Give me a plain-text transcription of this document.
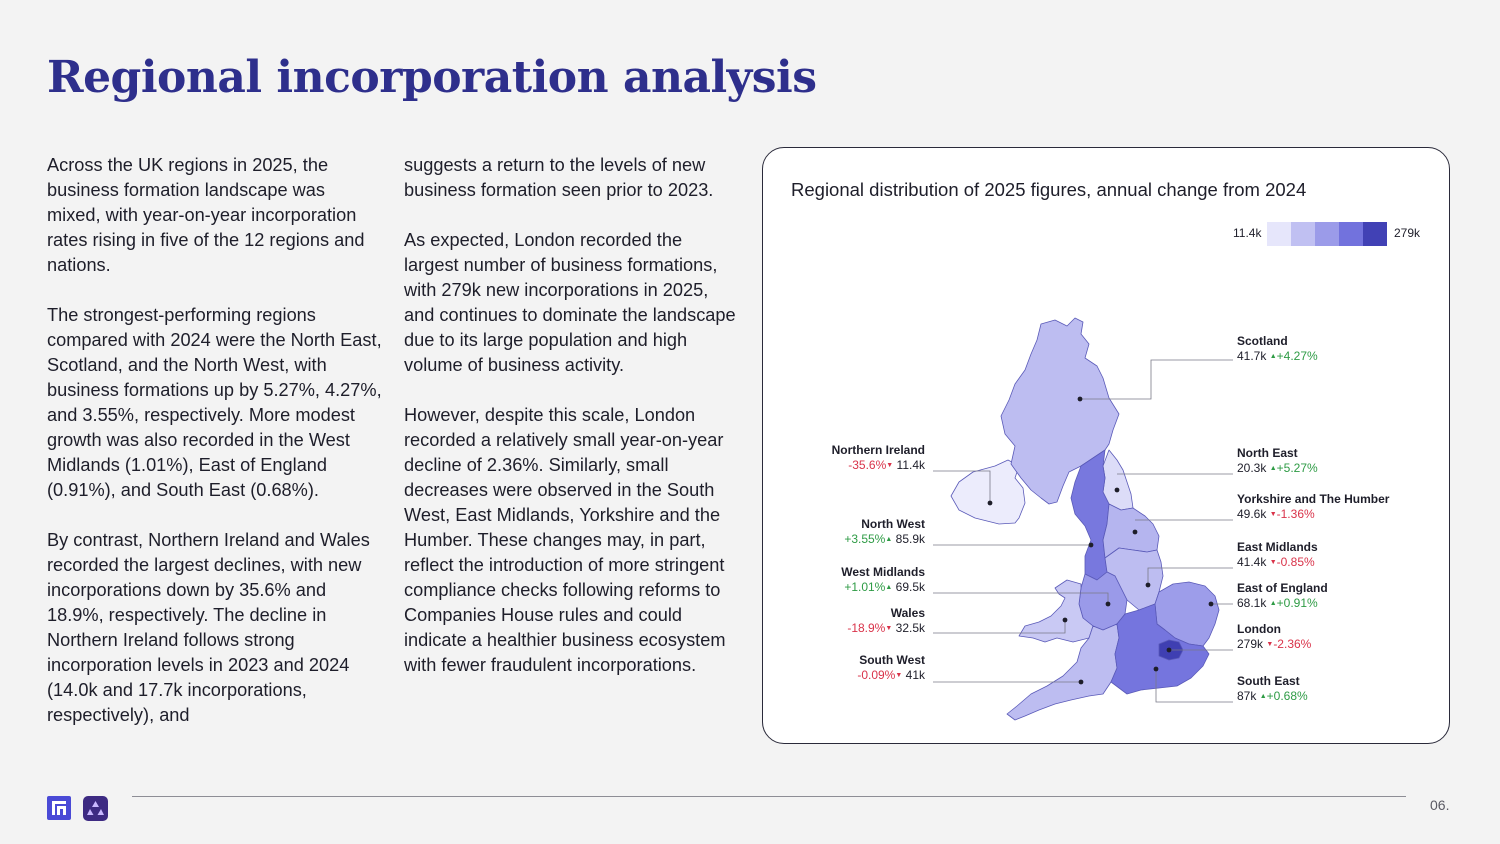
Regional incorporation analysis

Across the UK regions in 2025, the business formation landscape was mixed, with year-on-year incorporation rates rising in five of the 12 regions and nations.

The strongest-performing regions compared with 2024 were the North East, Scotland, and the North West, with business formations up by 5.27%, 4.27%, and 3.55%, respectively. More modest growth was also recorded in the West Midlands (1.01%), East of England (0.91%), and South East (0.68%).

By contrast, Northern Ireland and Wales recorded the largest declines, with new incorporations down by 35.6% and 18.9%, respectively. The decline in Northern Ireland follows strong incorporation levels in 2023 and 2024 (14.0k and 17.7k incorporations, respectively), and

suggests a return to the levels of new business formation seen prior to 2023.

As expected, London recorded the largest number of business formations, with 279k new incorporations in 2025, and continues to dominate the landscape due to its large population and high volume of business activity.

However, despite this scale, London recorded a relatively small year-on-year decline of 2.36%. Similarly, small decreases were observed in the South West, East Midlands, Yorkshire and the Humber. These changes may, in part, reflect the introduction of more stringent compliance checks following reforms to Companies House rules and could indicate a healthier business ecosystem with fewer fraudulent incorporations.

Regional distribution of 2025 figures, annual change from 2024
11.4k	279k
Scotland
41.7k ▲+4.27%
North East
20.3k ▲+5.27%
Yorkshire and The Humber
49.6k ▼-1.36%
East Midlands
41.4k ▼-0.85%
East of England
68.1k ▲+0.91%
London
279k ▼-2.36%
South East
87k ▲+0.68%
Northern Ireland
-35.6%▼ 11.4k
North West
+3.55%▲ 85.9k
West Midlands
+1.01%▲ 69.5k
Wales
-18.9%▼ 32.5k
South West
-0.09%▼ 41k
06.
